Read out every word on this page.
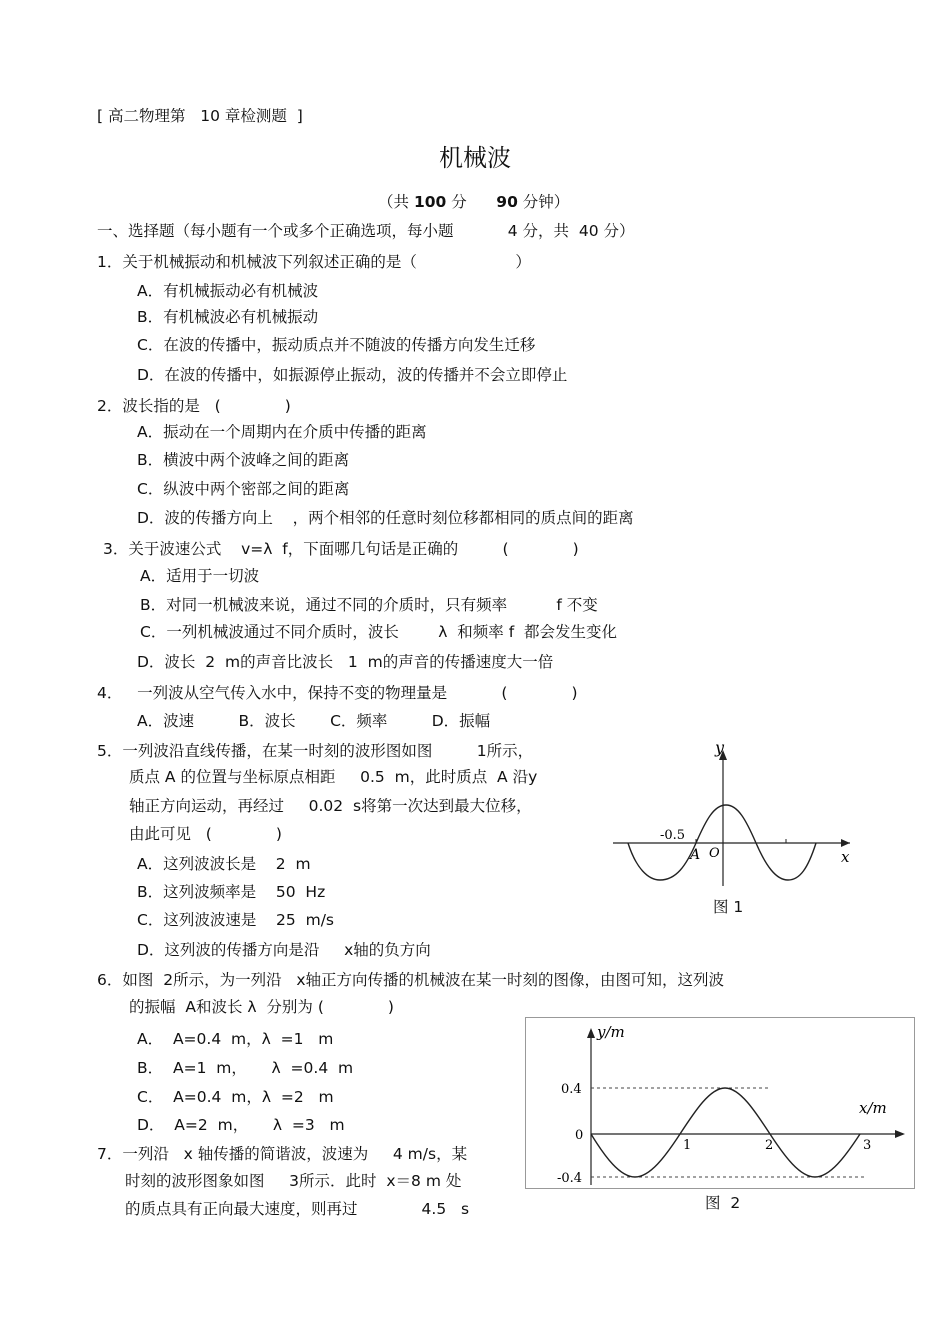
[ 高二物理第   10 章检测题  ]
机械波
（共 100 分      90 分钟）
一、选择题（每小题有一个或多个正确选项，每小题           4 分，共  40 分）
1．关于机械振动和机械波下列叙述正确的是（                    ）
A．有机械振动必有机械波
B．有机械波必有机械振动
C．在波的传播中，振动质点并不随波的传播方向发生迁移
D．在波的传播中，如振源停止振动，波的传播并不会立即停止
2．波长指的是   (             )
A．振动在一个周期内在介质中传播的距离
B．横波中两个波峰之间的距离
C．纵波中两个密部之间的距离
D．波的传播方向上    ，两个相邻的任意时刻位移都相同的质点间的距离
3．关于波速公式    v=λ  f，下面哪几句话是正确的         (             )
A．适用于一切波
B．对同一机械波来说，通过不同的介质时，只有频率          f 不变
C．一列机械波通过不同介质时，波长        λ  和频率 f  都会发生变化
D．波长  2  m的声音比波长   1  m的声音的传播速度大一倍
4．   一列波从空气传入水中，保持不变的物理量是           (             )
A．波速         B．波长       C．频率         D．振幅
5．一列波沿直线传播，在某一时刻的波形图如图         1所示，
质点 A 的位置与坐标原点相距     0.5  m，此时质点  A 沿y
轴正方向运动，再经过     0.02  s将第一次达到最大位移，
由此可见   (             )
A．这列波波长是    2  m
B．这列波频率是    50  Hz
C．这列波波速是    25  m/s
D．这列波的传播方向是沿     x轴的负方向
y
x
-0.5
A O
图 1
6．如图  2所示，为一列沿   x轴正方向传播的机械波在某一时刻的图像，由图可知，这列波
的振幅  A和波长 λ  分别为 (             )
A．  A=0.4  m，λ  =1   m
B．  A=1  m，     λ  =0.4  m
C．  A=0.4  m，λ  =2   m
D．  A=2  m，     λ  =3   m
7．一列沿   x 轴传播的简谐波，波速为     4 m/s，某
时刻的波形图象如图     3所示．此时  x＝8 m 处
的质点具有正向最大速度，则再过             4.5   s
y/m
x/m
0.4
0
-0.4
1	2	3
图  2
